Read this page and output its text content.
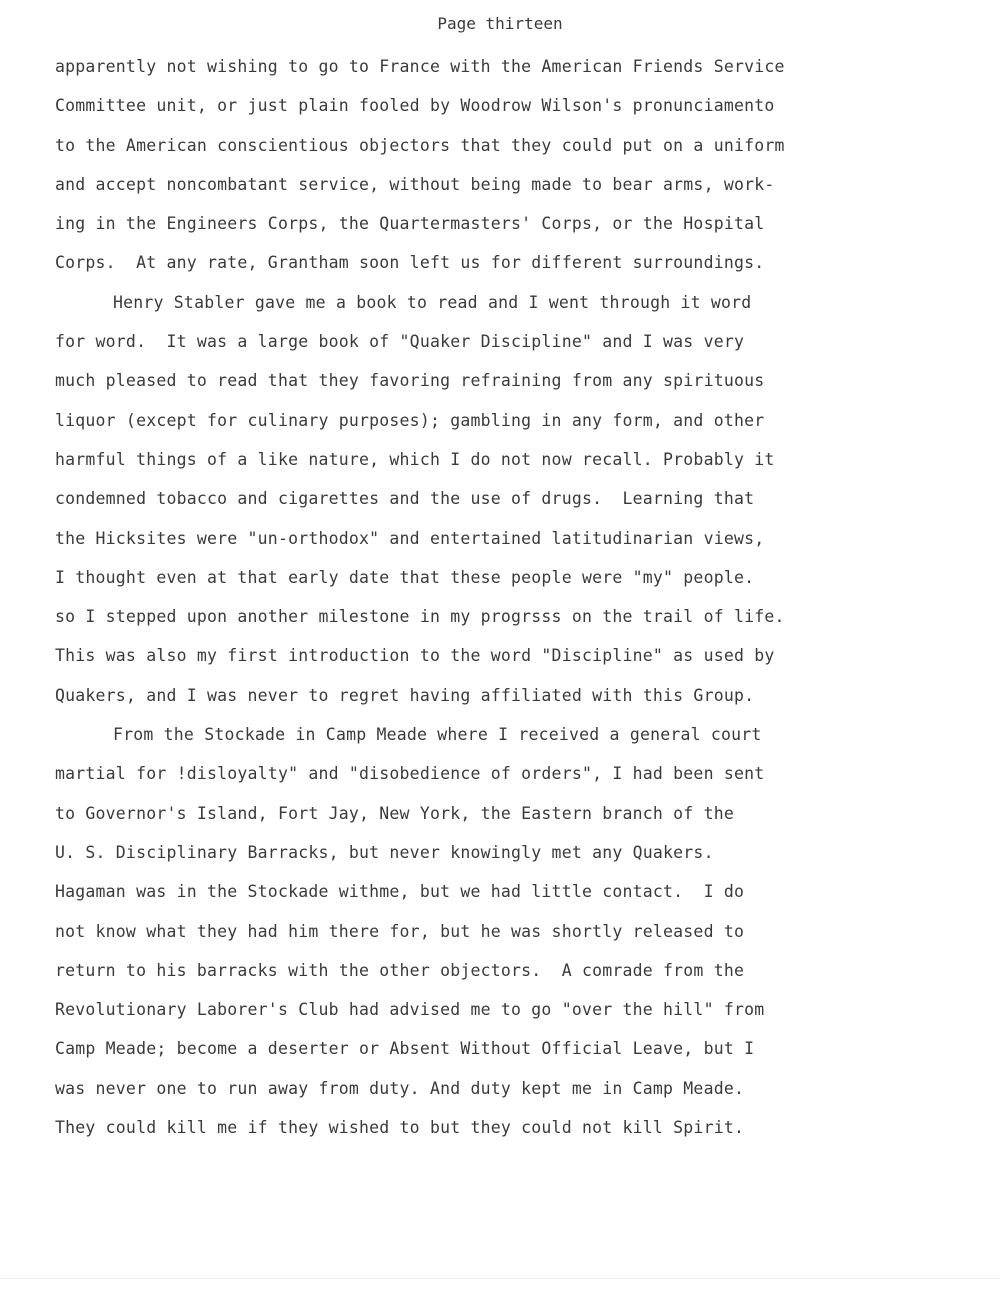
Page thirteen
apparently not wishing to go to France with the American Friends Service
Committee unit, or just plain fooled by Woodrow Wilson's pronunciamento
to the American conscientious objectors that they could put on a uniform
and accept noncombatant service, without being made to bear arms, work-
ing in the Engineers Corps, the Quartermasters' Corps, or the Hospital
Corps.  At any rate, Grantham soon left us for different surroundings.
Henry Stabler gave me a book to read and I went through it word
for word.  It was a large book of "Quaker Discipline" and I was very
much pleased to read that they favoring refraining from any spirituous
liquor (except for culinary purposes); gambling in any form, and other
harmful things of a like nature, which I do not now recall. Probably it
condemned tobacco and cigarettes and the use of drugs.  Learning that
the Hicksites were "un-orthodox" and entertained latitudinarian views,
I thought even at that early date that these people were "my" people.
so I stepped upon another milestone in my progrsss on the trail of life.
This was also my first introduction to the word "Discipline" as used by
Quakers, and I was never to regret having affiliated with this Group.
From the Stockade in Camp Meade where I received a general court
martial for !disloyalty" and "disobedience of orders", I had been sent
to Governor's Island, Fort Jay, New York, the Eastern branch of the
U. S. Disciplinary Barracks, but never knowingly met any Quakers.
Hagaman was in the Stockade withme, but we had little contact.  I do
not know what they had him there for, but he was shortly released to
return to his barracks with the other objectors.  A comrade from the
Revolutionary Laborer's Club had advised me to go "over the hill" from
Camp Meade; become a deserter or Absent Without Official Leave, but I
was never one to run away from duty. And duty kept me in Camp Meade.
They could kill me if they wished to but they could not kill Spirit.
